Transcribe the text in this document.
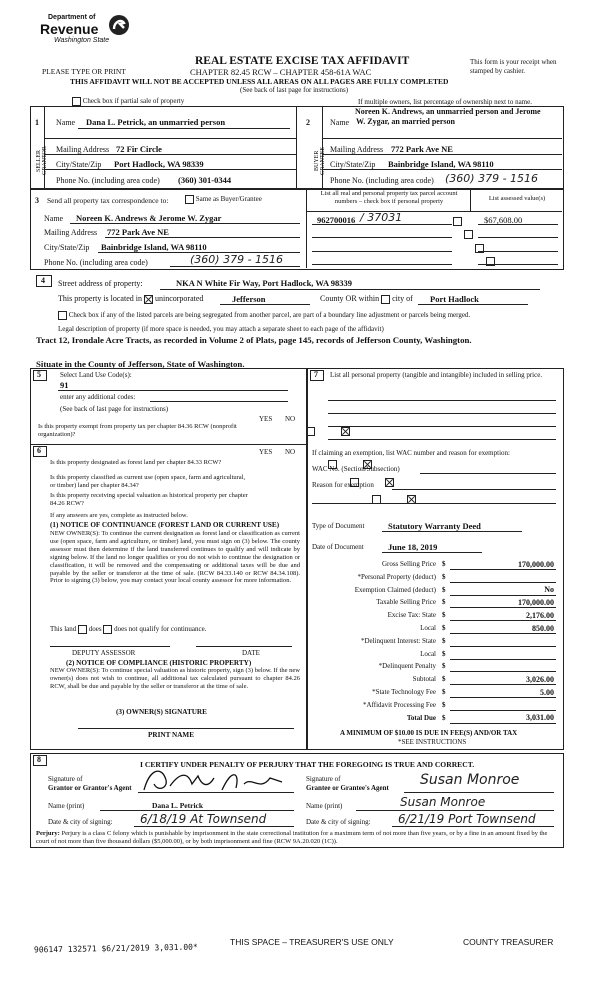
Department of
Revenue
Washington State
REAL ESTATE EXCISE TAX AFFIDAVIT
CHAPTER 82.45 RCW – CHAPTER 458-61A WAC
PLEASE TYPE OR PRINT
This form is your receipt when stamped by cashier.
THIS AFFIDAVIT WILL NOT BE ACCEPTED UNLESS ALL AREAS ON ALL PAGES ARE FULLY COMPLETED
(See back of last page for instructions)
Check box if partial sale of property	If multiple owners, list percentage of ownership next to name.
1
SELLER GRANTOR
Name Dana L. Petrick, an unmarried person
Mailing Address 72 Fir Circle
City/State/Zip Port Hadlock, WA 98339
Phone No. (including area code) (360) 301-0344
2
BUYER GRANTEE
Name
Noreen K. Andrews, an unmarried person and Jerome
W. Zygar, an married person
Mailing Address 772 Park Ave NE
City/State/Zip Bainbridge Island, WA 98110
Phone No. (including area code) (360) 379 - 1516
3 Send all property tax correspondence to:	Same as Buyer/Grantee
Name Noreen K. Andrews & Jerome W. Zygar
Mailing Address 772 Park Ave NE
City/State/Zip Bainbridge Island, WA 98110
Phone No. (including area code)	(360) 379 - 1516
List all real and personal property tax parcel account numbers – check box if personal property	List assessed value(s)
962700016 / 37031	$67,608.00

4 Street address of property:	NKA N White Fir Way, Port Hadlock, WA 98339
This property is located in unincorporated	Jefferson	County OR within city of Port Hadlock
Check box if any of the listed parcels are being segregated from another parcel, are part of a boundary line adjustment or parcels being merged.
Legal description of property (if more space is needed, you may attach a separate sheet to each page of the affidavit)
Tract 12, Irondale Acre Tracts, as recorded in Volume 2 of Plats, page 145, records of Jefferson County, Washington.
Situate in the County of Jefferson, State of Washington.
5	Select Land Use Code(s):
91
enter any additional codes:
(See back of last page for instructions)
YES NO
Is this property exempt from property tax per chapter 84.36 RCW (nonprofit organization)?

6	YES NO
Is this property designated as forest land per chapter 84.33 RCW?

Is this property classified as current use (open space, farm and agricultural, or timber) land per chapter 84.34?

Is this property receiving special valuation as historical property per chapter 84.26 RCW?

If any answers are yes, complete as instructed below.
(1) NOTICE OF CONTINUANCE (FOREST LAND OR CURRENT USE)
NEW OWNER(S): To continue the current designation as forest land or classification as current use (open space, farm and agriculture, or timber) land, you must sign on (3) below. The county assessor must then determine if the land transferred continues to qualify and will indicate by signing below. If the land no longer qualifies or you do not wish to continue the designation or classification, it will be removed and the compensating or additional taxes will be due and payable by the seller or transferor at the time of sale. (RCW 84.33.140 or RCW 84.34.108). Prior to signing (3) below, you may contact your local county assessor for more information.
This land does does not qualify for continuance.
DEPUTY ASSESSOR	DATE
(2) NOTICE OF COMPLIANCE (HISTORIC PROPERTY)
NEW OWNER(S): To continue special valuation as historic property, sign (3) below. If the new owner(s) does not wish to continue, all additional tax calculated pursuant to chapter 84.26 RCW, shall be due and payable by the seller or transferor at the time of sale.
(3) OWNER(S) SIGNATURE
PRINT NAME
7 List all personal property (tangible and intangible) included in selling price.
If claiming an exemption, list WAC number and reason for exemption:
WAC No. (Section/Subsection)
Reason for exemption
Type of Document	Statutory Warranty Deed
Date of Document	June 18, 2019
Gross Selling Price $	170,000.00
*Personal Property (deduct) $
Exemption Claimed (deduct) $	No
Taxable Selling Price $	170,000.00
Excise Tax: State $	2,176.00
Local $	850.00
*Delinquent Interest: State $
Local $
*Delinquent Penalty $
Subtotal $	3,026.00
*State Technology Fee $	5.00
*Affidavit Processing Fee $
Total Due $	3,031.00
A MINIMUM OF $10.00 IS DUE IN FEE(S) AND/OR TAX
*SEE INSTRUCTIONS
8
I CERTIFY UNDER PENALTY OF PERJURY THAT THE FOREGOING IS TRUE AND CORRECT.
Signature of
Grantor or Grantor's Agent
Signature of
Grantee or Grantee's Agent Susan Monroe
Name (print)	Dana L. Petrick	Name (print)	Susan Monroe
Date & city of signing: 6/18/19 At Townsend	Date & city of signing: 6/21/19 Port Townsend
Perjury: Perjury is a class C felony which is punishable by imprisonment in the state correctional institution for a maximum term of not more than five years, or by a fine in an amount fixed by the court of not more than five thousand dollars ($5,000.00), or by both imprisonment and fine (RCW 9A.20.020 (1C)).
906147 132571 $6/21/2019 3,031.00*
THIS SPACE – TREASURER'S USE ONLY	COUNTY TREASURER
